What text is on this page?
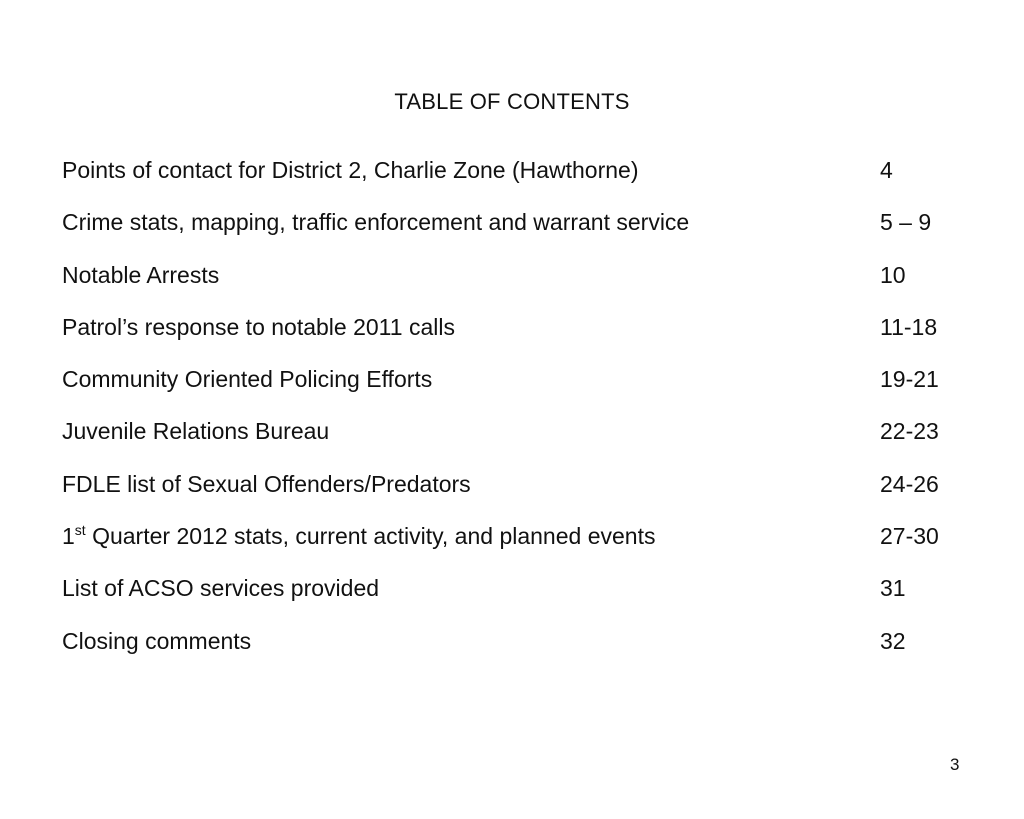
TABLE OF CONTENTS
Points of contact for District 2, Charlie Zone (Hawthorne)	4
Crime stats, mapping, traffic enforcement and warrant service	5 – 9
Notable Arrests	10
Patrol’s response to notable 2011 calls	11-18
Community Oriented Policing Efforts	19-21
Juvenile Relations Bureau	22-23
FDLE list of Sexual Offenders/Predators	24-26
1st Quarter 2012 stats, current activity, and planned events	27-30
List of ACSO services provided	31
Closing comments	32
3
